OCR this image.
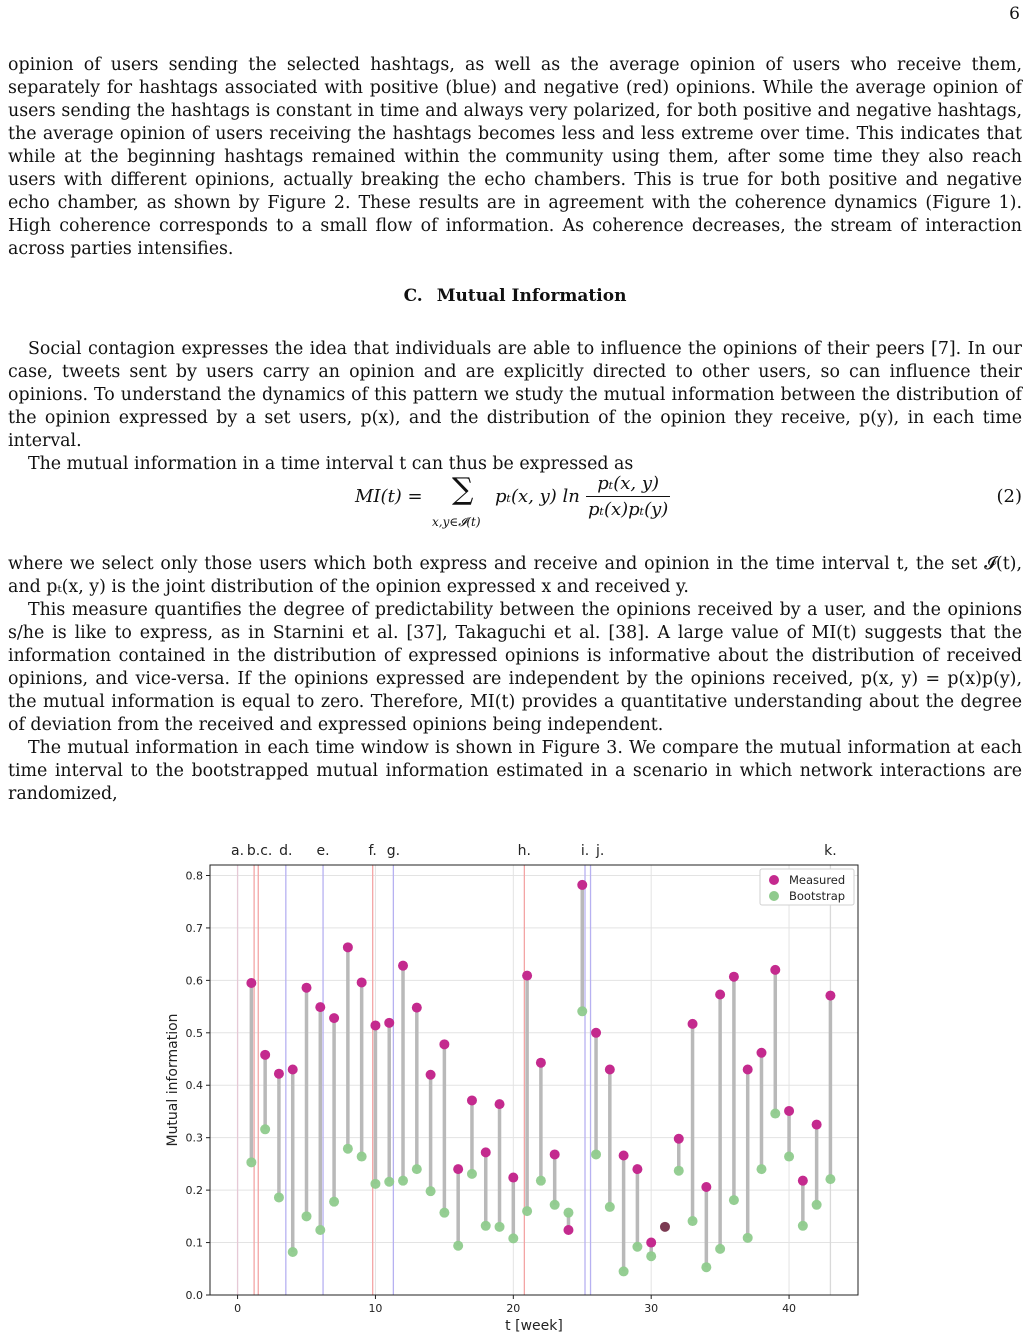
6

opinion of users sending the selected hashtags, as well as the average opinion of users who receive them, separately for hashtags associated with positive (blue) and negative (red) opinions. While the average opinion of users sending the hashtags is constant in time and always very polarized, for both positive and negative hashtags, the average opinion of users receiving the hashtags becomes less and less extreme over time. This indicates that while at the beginning hashtags remained within the community using them, after some time they also reach users with different opinions, actually breaking the echo chambers. This is true for both positive and negative echo chamber, as shown by Figure 2. These results are in agreement with the coherence dynamics (Figure 1). High coherence corresponds to a small flow of information. As coherence decreases, the stream of interaction across parties intensifies.

C. Mutual Information

Social contagion expresses the idea that individuals are able to influence the opinions of their peers [7]. In our case, tweets sent by users carry an opinion and are explicitly directed to other users, so can influence their opinions. To understand the dynamics of this pattern we study the mutual information between the distribution of the opinion expressed by a set users, p(x), and the distribution of the opinion they receive, p(y), in each time interval.

The mutual information in a time interval t can thus be expressed as

MI(t) = ∑
x,y∈𝓘(t)
pₜ(x, y) ln
pₜ(x, y)
pₜ(x)pₜ(y)
(2)

where we select only those users which both express and receive and opinion in the time interval t, the set 𝓘(t), and pₜ(x, y) is the joint distribution of the opinion expressed x and received y.

This measure quantifies the degree of predictability between the opinions received by a user, and the opinions s/he is like to express, as in Starnini et al. [37], Takaguchi et al. [38]. A large value of MI(t) suggests that the information contained in the distribution of expressed opinions is informative about the distribution of received opinions, and vice-versa. If the opinions expressed are independent by the opinions received, p(x, y) = p(x)p(y), the mutual information is equal to zero. Therefore, MI(t) provides a quantitative understanding about the degree of deviation from the received and expressed opinions being independent.

The mutual information in each time window is shown in Figure 3. We compare the mutual information at each time interval to the bootstrapped mutual information estimated in a scenario in which network interactions are randomized,

a. b.c. d. e.	f. g.	h.	i. j.	k.
0.0
0.1
0.2
0.3
0.4
0.5
0.6
0.7
0.8
0	10	20	30	40
t [week]
Mutual information
Measured
Bootstrap
